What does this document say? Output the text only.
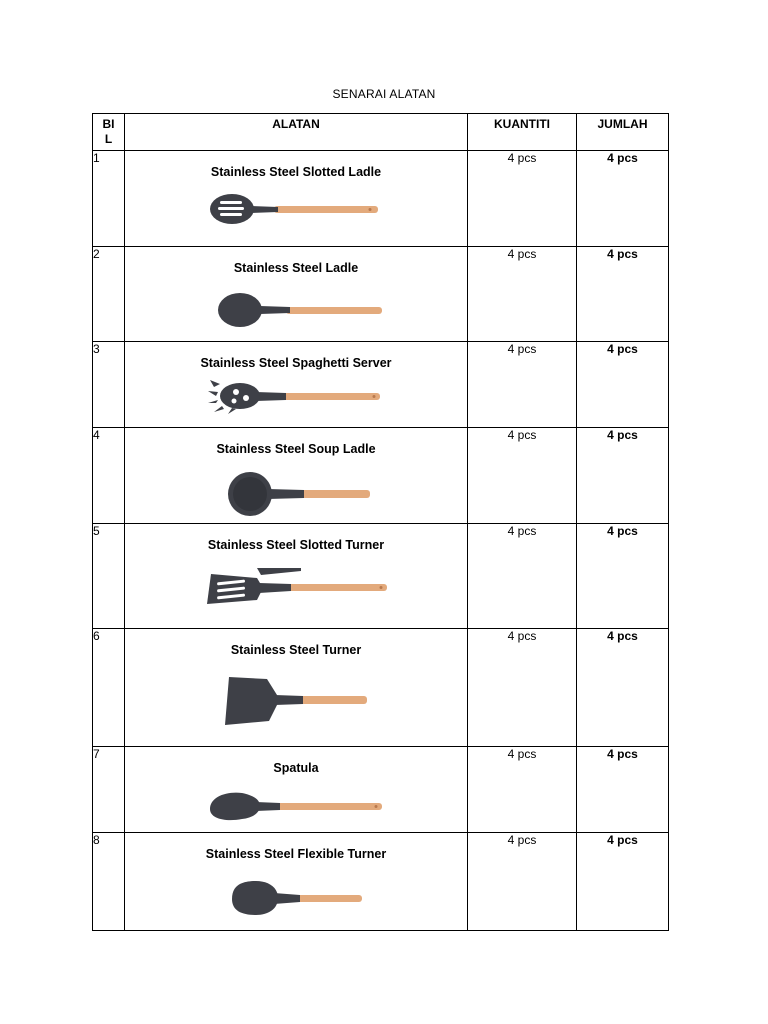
SENARAI ALATAN
BI
L	ALATAN	KUANTITI	JUMLAH
1	Stainless Steel Slotted Ladle	4 pcs	4 pcs
2	Stainless Steel Ladle	4 pcs	4 pcs
3	Stainless Steel Spaghetti Server	4 pcs	4 pcs
4	Stainless Steel Soup Ladle	4 pcs	4 pcs
5	Stainless Steel Slotted Turner	4 pcs	4 pcs
6	Stainless Steel Turner	4 pcs	4 pcs
7	Spatula	4 pcs	4 pcs
8	Stainless Steel Flexible Turner	4 pcs	4 pcs
